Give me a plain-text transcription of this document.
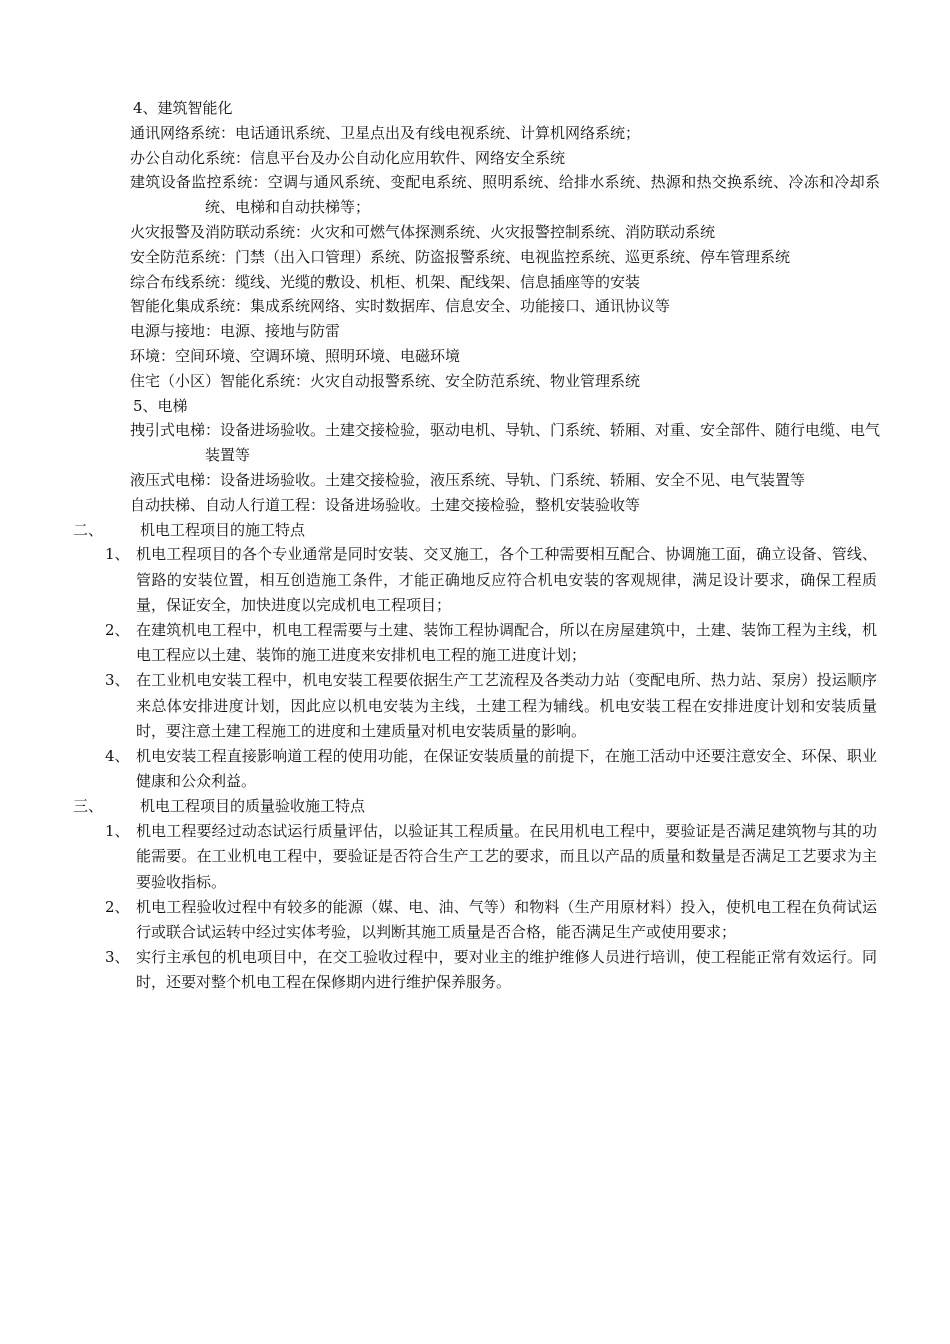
4、建筑智能化
通讯网络系统：电话通讯系统、卫星点出及有线电视系统、计算机网络系统；
办公自动化系统：信息平台及办公自动化应用软件、网络安全系统
建筑设备监控系统：空调与通风系统、变配电系统、照明系统、给排水系统、热源和热交换系统、冷冻和冷却系统、电梯和自动扶梯等；
火灾报警及消防联动系统：火灾和可燃气体探测系统、火灾报警控制系统、消防联动系统
安全防范系统：门禁（出入口管理）系统、防盗报警系统、电视监控系统、巡更系统、停车管理系统
综合布线系统：缆线、光缆的敷设、机柜、机架、配线架、信息插座等的安装
智能化集成系统：集成系统网络、实时数据库、信息安全、功能接口、通讯协议等
电源与接地：电源、接地与防雷
环境：空间环境、空调环境、照明环境、电磁环境
住宅（小区）智能化系统：火灾自动报警系统、安全防范系统、物业管理系统
5、电梯
拽引式电梯：设备进场验收。土建交接检验，驱动电机、导轨、门系统、轿厢、对重、安全部件、随行电缆、电气装置等
液压式电梯：设备进场验收。土建交接检验，液压系统、导轨、门系统、轿厢、安全不见、电气装置等
自动扶梯、自动人行道工程：设备进场验收。土建交接检验，整机安装验收等
二、 机电工程项目的施工特点
1、 机电工程项目的各个专业通常是同时安装、交叉施工，各个工种需要相互配合、协调施工面，确立设备、管线、管路的安装位置，相互创造施工条件，才能正确地反应符合机电安装的客观规律，满足设计要求，确保工程质量，保证安全，加快进度以完成机电工程项目；
2、 在建筑机电工程中，机电工程需要与土建、装饰工程协调配合，所以在房屋建筑中，土建、装饰工程为主线，机电工程应以土建、装饰的施工进度来安排机电工程的施工进度计划；
3、 在工业机电安装工程中，机电安装工程要依据生产工艺流程及各类动力站（变配电所、热力站、泵房）投运顺序来总体安排进度计划，因此应以机电安装为主线，土建工程为辅线。机电安装工程在安排进度计划和安装质量时，要注意土建工程施工的进度和土建质量对机电安装质量的影响。
4、 机电安装工程直接影响道工程的使用功能，在保证安装质量的前提下，在施工活动中还要注意安全、环保、职业健康和公众利益。
三、 机电工程项目的质量验收施工特点
1、 机电工程要经过动态试运行质量评估，以验证其工程质量。在民用机电工程中，要验证是否满足建筑物与其的功能需要。在工业机电工程中，要验证是否符合生产工艺的要求，而且以产品的质量和数量是否满足工艺要求为主要验收指标。
2、 机电工程验收过程中有较多的能源（媒、电、油、气等）和物料（生产用原材料）投入，使机电工程在负荷试运行或联合试运转中经过实体考验，以判断其施工质量是否合格，能否满足生产或使用要求；
3、 实行主承包的机电项目中，在交工验收过程中，要对业主的维护维修人员进行培训，使工程能正常有效运行。同时，还要对整个机电工程在保修期内进行维护保养服务。
